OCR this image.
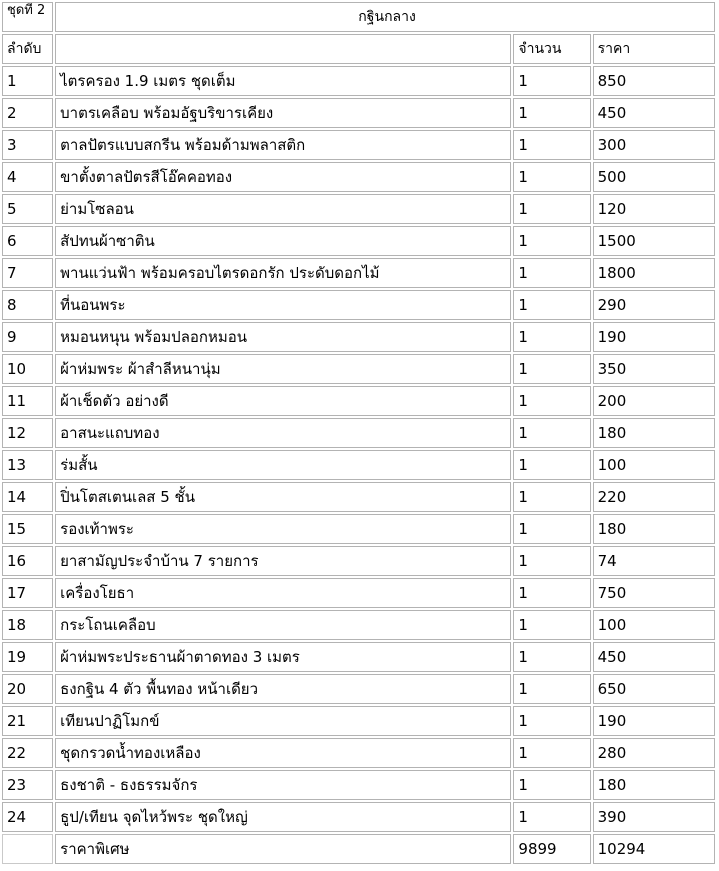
ชุดที่ 2	กฐินกลาง		
ลำดับ		จำนวน	ราคา
1	ไตรครอง 1.9 เมตร ชุดเต็ม	1	850
2	บาตรเคลือบ พร้อมอัฐบริขารเคียง	1	450
3	ตาลปัตรแบบสกรีน พร้อมด้ามพลาสติก	1	300
4	ขาตั้งตาลปัตรสีโอ๊คคอทอง	1	500
5	ย่ามโซลอน	1	120
6	สัปทนผ้าซาติน	1	1500
7	พานแว่นฟ้า พร้อมครอบไตรดอกรัก ประดับดอกไม้	1	1800
8	ที่นอนพระ	1	290
9	หมอนหนุน พร้อมปลอกหมอน	1	190
10	ผ้าห่มพระ ผ้าสำลีหนานุ่ม	1	350
11	ผ้าเช็ดตัว อย่างดี	1	200
12	อาสนะแถบทอง	1	180
13	ร่มสั้น	1	100
14	ปิ่นโตสเตนเลส 5 ชั้น	1	220
15	รองเท้าพระ	1	180
16	ยาสามัญประจำบ้าน 7 รายการ	1	74
17	เครื่องโยธา	1	750
18	กระโถนเคลือบ	1	100
19	ผ้าห่มพระประธานผ้าตาดทอง 3 เมตร	1	450
20	ธงกฐิน 4 ตัว พื้นทอง หน้าเดียว	1	650
21	เทียนปาฏิโมกข์	1	190
22	ชุดกรวดน้ำทองเหลือง	1	280
23	ธงชาติ - ธงธรรมจักร	1	180
24	ธูป/เทียน จุดไหว้พระ ชุดใหญ่	1	390
	ราคาพิเศษ	9899	10294
